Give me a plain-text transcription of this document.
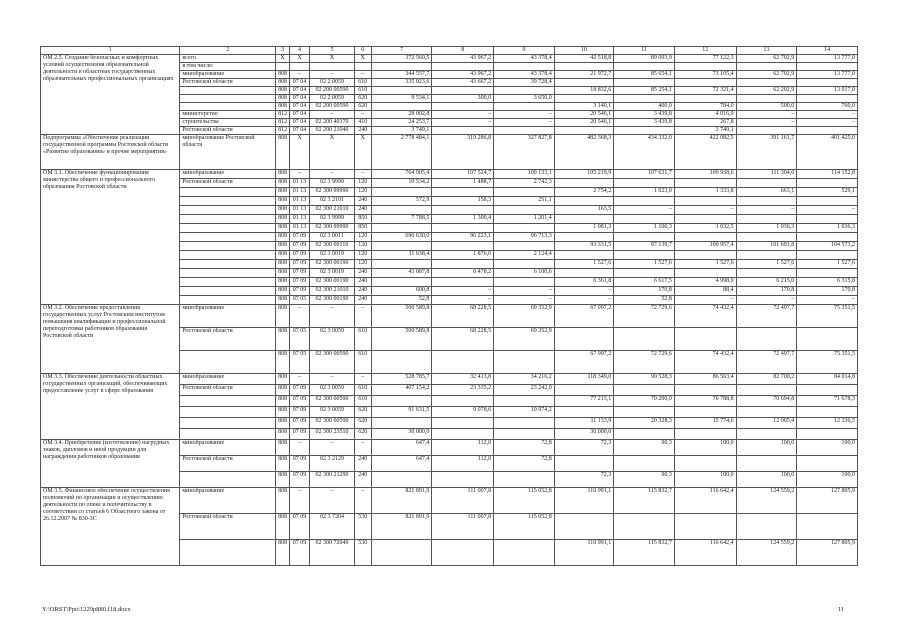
1	2	3	4	5	6	7	8	9	10	11	12	13	14
ОМ 2.5. Создание безопасных и комфортных условий осуществления образовательной деятельности в областных государственных образовательных профессиональных организациях	всего	Х	Х	Х	Х	372 560,5	43 967,2	43 378,4	42 518,8	89 093,9	77 122,3	62 702,9	13 777,0
	в том числе:												
	минобразование	808	–	–	–	344 557,7	43 967,2	43 378,4	21 972,7	85 654,1	73 105,4	62 702,9	13 777,0
	Ростовской области	808	07 04	02 2 0059	610	335 023,6	43 667,2	39 728,4					
		808	07 04	02 200 00590	610				18 832,6	85 254,1	72 321,4	62 202,9	13 017,0
		808	07 04	02 2 0059	620	9 534,1	300,0	3 650,0					
		808	07 04	02 200 00590	620				3 140,1	400,0	784,0	500,0	760,0
	министерство	812	07 04	–	–	28 002,8	–	–	20 546,1	3 439,8	4 016,9	–	–
	строительства	812	07 04	02 200 40370	410	24 253,7	–	–	20 546,1	3 439,8	267,8	–	–
	Ростовской области	812	07 04	02 200 21040	240	3 749,1					3 749,1		
Подпрограмма «Обеспечение реализации государственной программы Ростовской области «Развитие образования» и прочие мероприятия»	минобразование Ростовской области	808	Х	Х	Х	2 778 484,1	319 286,8	327 827,8	482 368,3	434 332,0	422 082,5	391 161,7	401 425,0
ОМ 3.1. Обеспечение функционирования министерства общего и профессионального образования Ростовской области	минобразование	808	–	–	–	764 905,4	107 524,7	109 133,1	105 219,9	107 631,7	109 938,6	111 304,6	114 152,8
	Ростовской области	808	01 13	02 3 9999	120	10 534,2	1 488,7	2 742,3					
		808	01 13	02 300 99990	120				2 754,2	1 023,0	1 333,8	663,1	529,1
		808	01 13	02 3 2101	240	572,9	158,3	251,1					
		808	01 13	02 300 21010	240				163,5	–	–	–	–
		808	01 13	02 3 9999	850	7 788,5	1 300,4	1 201,4					
		808	01 13	02 300 99990	850				1 081,3	1 100,3	1 032,5	1 036,3	1 036,3
		808	07 09	02 3 0011	120	690 630,0	96 223,1	96 713,3					
		808	07 09	02 300 00110	120				93 331,5	97 139,7	100 957,4	101 691,8	104 573,2
		808	07 09	02 3 0019	120	11 638,4	1 876,0	2 124,4					
		808	07 09	02 300 00190	120				1 527,6	1 527,6	1 527,6	1 527,6	1 527,6
		808	07 09	02 3 0019	240	43 087,8	6 478,2	6 100,6					
		808	07 09	02 300 00190	240				6 361,8	6 617,5	4 998,9	6 215,0	6 315,8
		808	07 09	02 300 21010	240	600,8	–	–	–	170,8	88,4	170,8	170,8
		808	07 05	02 300 00190	240	52,8	–	–	–	52,8	–	–	–
ОМ 3.2. Обеспечение предоставления государственных услуг Ростовским институтом повышения квалификации и профессиональной переподготовки работников образования Ростовской области	минобразование	808	–	–	–	500 589,8	68 228,5	69 352,9	67 997,2	72 729,6	74 432,4	72 497,7	75 351,5
	Ростовской области	808	07 05	02 3 0059	610	500 589,8	68 228,5	69 352,9					
		808	07 05	02 300 00590	610				67 997,2	72 729,6	74 432,4	72 497,7	75 351,5
ОМ 3.3. Обеспечение деятельности областных государственных организаций, обеспечивающих предоставление услуг в сфере образования	минобразование	808	–	–	–	528 785,7	32 413,8	34 216,2	118 349,0	90 528,3	86 563,4	82 700,2	84 014,8
	Ростовской области	808	07 09	02 3 0059	610	407 154,2	23 335,2	23 242,0					
		808	07 09	02 300 00590	610				77 215,1	70 200,0	70 788,8	70 694,8	71 678,3
		808	07 09	02 3 0059	620	91 631,5	9 078,6	10 974,2					
		808	07 09	02 300 00590	620				11 133,9	20 328,3	15 774,6	12 005,4	12 336,5
		808	07 09	02 300 23510	620	30 000,0			30 000,0				
ОМ 3.4. Приобретение (изготовление) нагрудных знаков, дипломов и иной продукции для награждения работников образования	минобразование	808	–	–	–	647,4	112,0	72,8	72,3	90,3	100,0	100,0	100,0
	Ростовской области	808	07 09	02 3 2129	240	647,4	112,0	72,8					
		808	07 09	02 300 21290	240				72,3	90,3	100,0	100,0	100,0
ОМ 3.5. Финансовое обеспечение осуществления полномочий по организации и осуществлению деятельности по опеке и попечительству в соответствии со статьей 6 Областного закона от 26.12.2007 № 830-ЗС	минобразование	808	–	–	–	821 891,9	111 007,8	115 052,8	110 991,1	115 832,7	116 642,4	124 559,2	127 805,9
	Ростовской области	808	07 09	02 3 7204	530	821 891,9	111 007,8	115 052,8					
		808	07 09	02 300 72040	530				110 991,1	115 832,7	116 642,4	124 559,2	127 805,9
Y:\ORST\Ppo\1229p880.f18.docx	11
